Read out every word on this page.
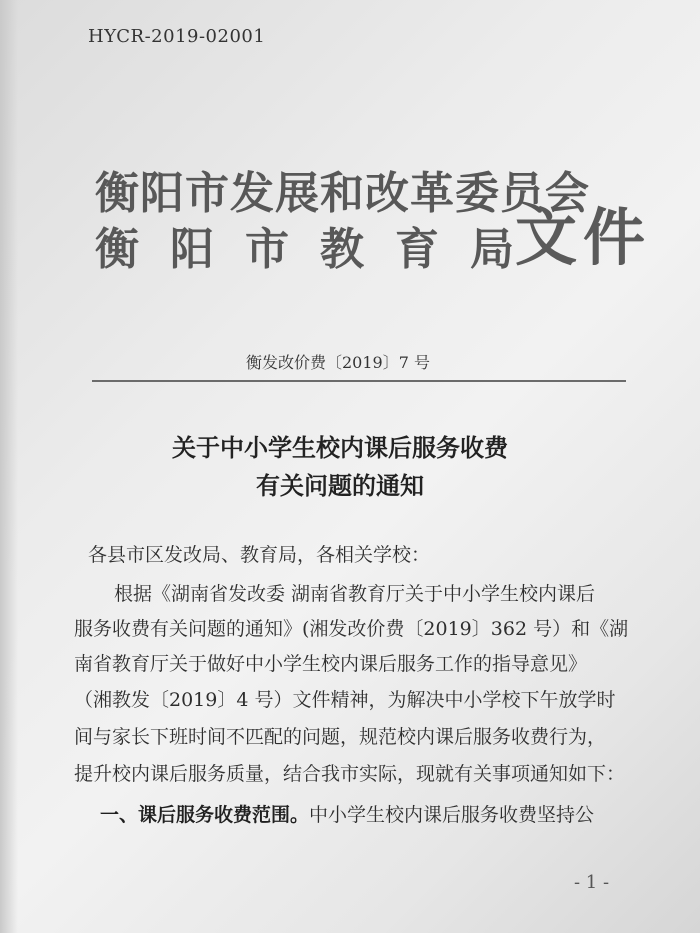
HYCR-2019-02001
衡阳市发展和改革委员会
衡阳市教育局
文件
衡发改价费〔2019〕7 号
关于中小学生校内课后服务收费
有关问题的通知
各县市区发改局、教育局，各相关学校：
根据《湖南省发改委 湖南省教育厅关于中小学生校内课后
服务收费有关问题的通知》(湘发改价费〔2019〕362 号）和《湖
南省教育厅关于做好中小学生校内课后服务工作的指导意见》
（湘教发〔2019〕4 号）文件精神，为解决中小学校下午放学时
间与家长下班时间不匹配的问题，规范校内课后服务收费行为，
提升校内课后服务质量，结合我市实际，现就有关事项通知如下：
一、课后服务收费范围。中小学生校内课后服务收费坚持公
- 1 -
